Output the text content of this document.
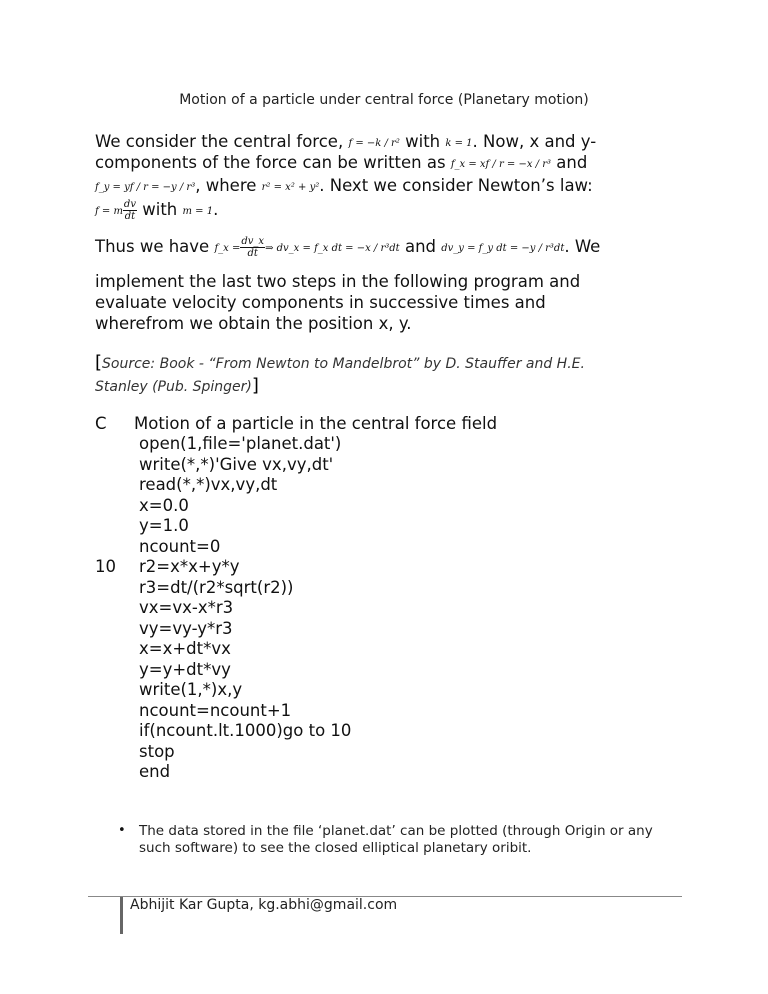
Motion of a particle under central force (Planetary motion)
We consider the central force, f = −k / r² with k = 1. Now, x and y-
components of the force can be written as f_x = xf / r = −x / r³ and
f_y = yf / r = −y / r³, where r² = x² + y². Next we consider Newton’s law:
f = m $\frac{dv}{dt}$ with m = 1.
Thus we have f_x = $\frac{dv\_x}{dt}$ ⇒ dv_x = f_x dt = −x / r³dt and dv_y = f_y dt = −y / r³dt. We
implement the last two steps in the following program and
evaluate velocity components in successive times and
wherefrom we obtain the position x, y.
[Source: Book - “From Newton to Mandelbrot” by D. Stauffer and H.E.
Stanley (Pub. Spinger)]
C Motion of a particle in the central force field
10
open(1,file='planet.dat')
write(*,*)'Give vx,vy,dt'
read(*,*)vx,vy,dt
x=0.0
y=1.0
ncount=0
r2=x*x+y*y
r3=dt/(r2*sqrt(r2))
vx=vx-x*r3
vy=vy-y*r3
x=x+dt*vx
y=y+dt*vy
write(1,*)x,y
ncount=ncount+1
if(ncount.lt.1000)go to 10
stop
end
• The data stored in the file ‘planet.dat’ can be plotted (through Origin or any such software) to see the closed elliptical planetary oribit.
Abhijit Kar Gupta, kg.abhi@gmail.com
